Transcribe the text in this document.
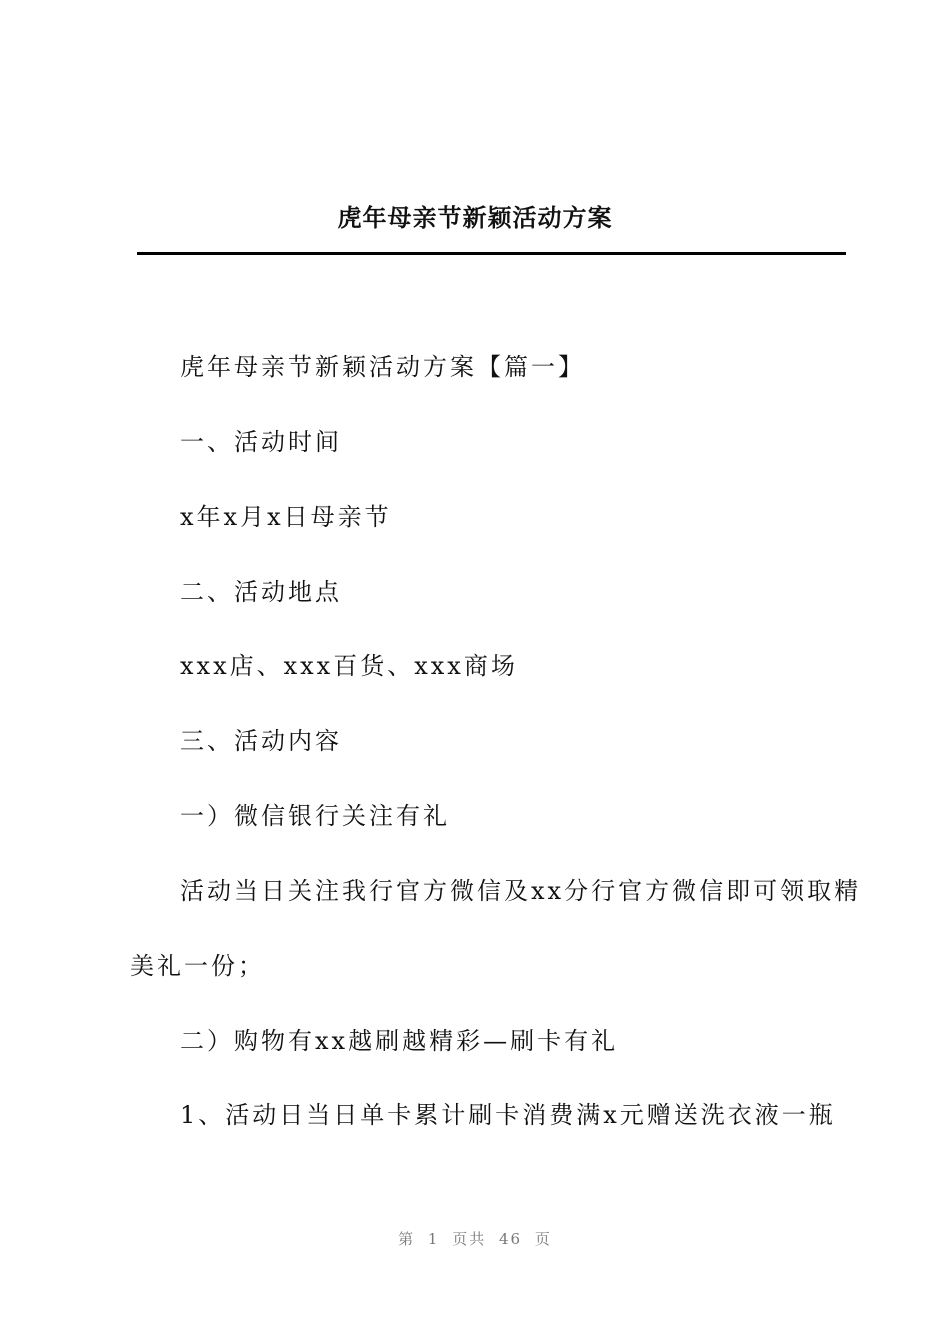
虎年母亲节新颖活动方案
虎年母亲节新颖活动方案【篇一】
一、活动时间
x年x月x日母亲节
二、活动地点
xxx店、xxx百货、xxx商场
三、活动内容
一）微信银行关注有礼
活动当日关注我行官方微信及xx分行官方微信即可领取精
美礼一份；
二）购物有xx越刷越精彩—刷卡有礼
1、活动日当日单卡累计刷卡消费满x元赠送洗衣液一瓶
第 1 页共 46 页
